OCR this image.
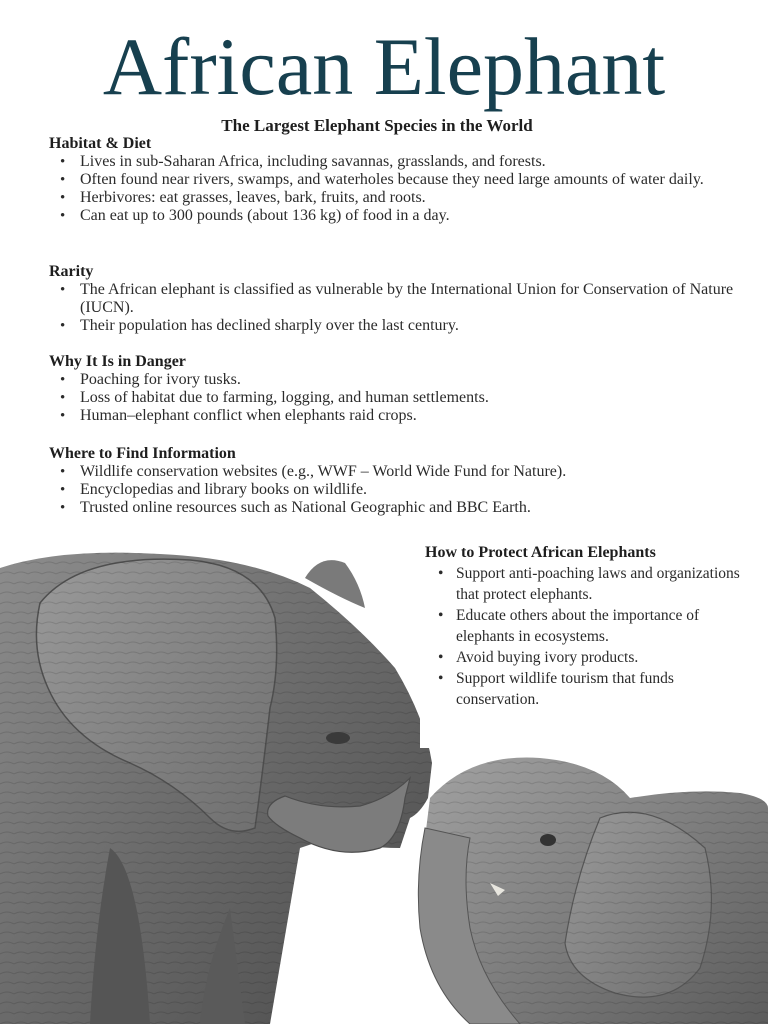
African Elephant
The Largest Elephant Species in the World
Habitat & Diet
• Lives in sub-Saharan Africa, including savannas, grasslands, and forests.
• Often found near rivers, swamps, and waterholes because they need large amounts of water daily.
• Herbivores: eat grasses, leaves, bark, fruits, and roots.
• Can eat up to 300 pounds (about 136 kg) of food in a day.
Rarity
• The African elephant is classified as vulnerable by the International Union for Conservation of Nature (IUCN).
• Their population has declined sharply over the last century.
Why It Is in Danger
• Poaching for ivory tusks.
• Loss of habitat due to farming, logging, and human settlements.
• Human–elephant conflict when elephants raid crops.
Where to Find Information
• Wildlife conservation websites (e.g., WWF – World Wide Fund for Nature).
• Encyclopedias and library books on wildlife.
• Trusted online resources such as National Geographic and BBC Earth.
How to Protect African Elephants
• Support anti-poaching laws and organizations that protect elephants.
• Educate others about the importance of elephants in ecosystems.
• Avoid buying ivory products.
• Support wildlife tourism that funds conservation.
